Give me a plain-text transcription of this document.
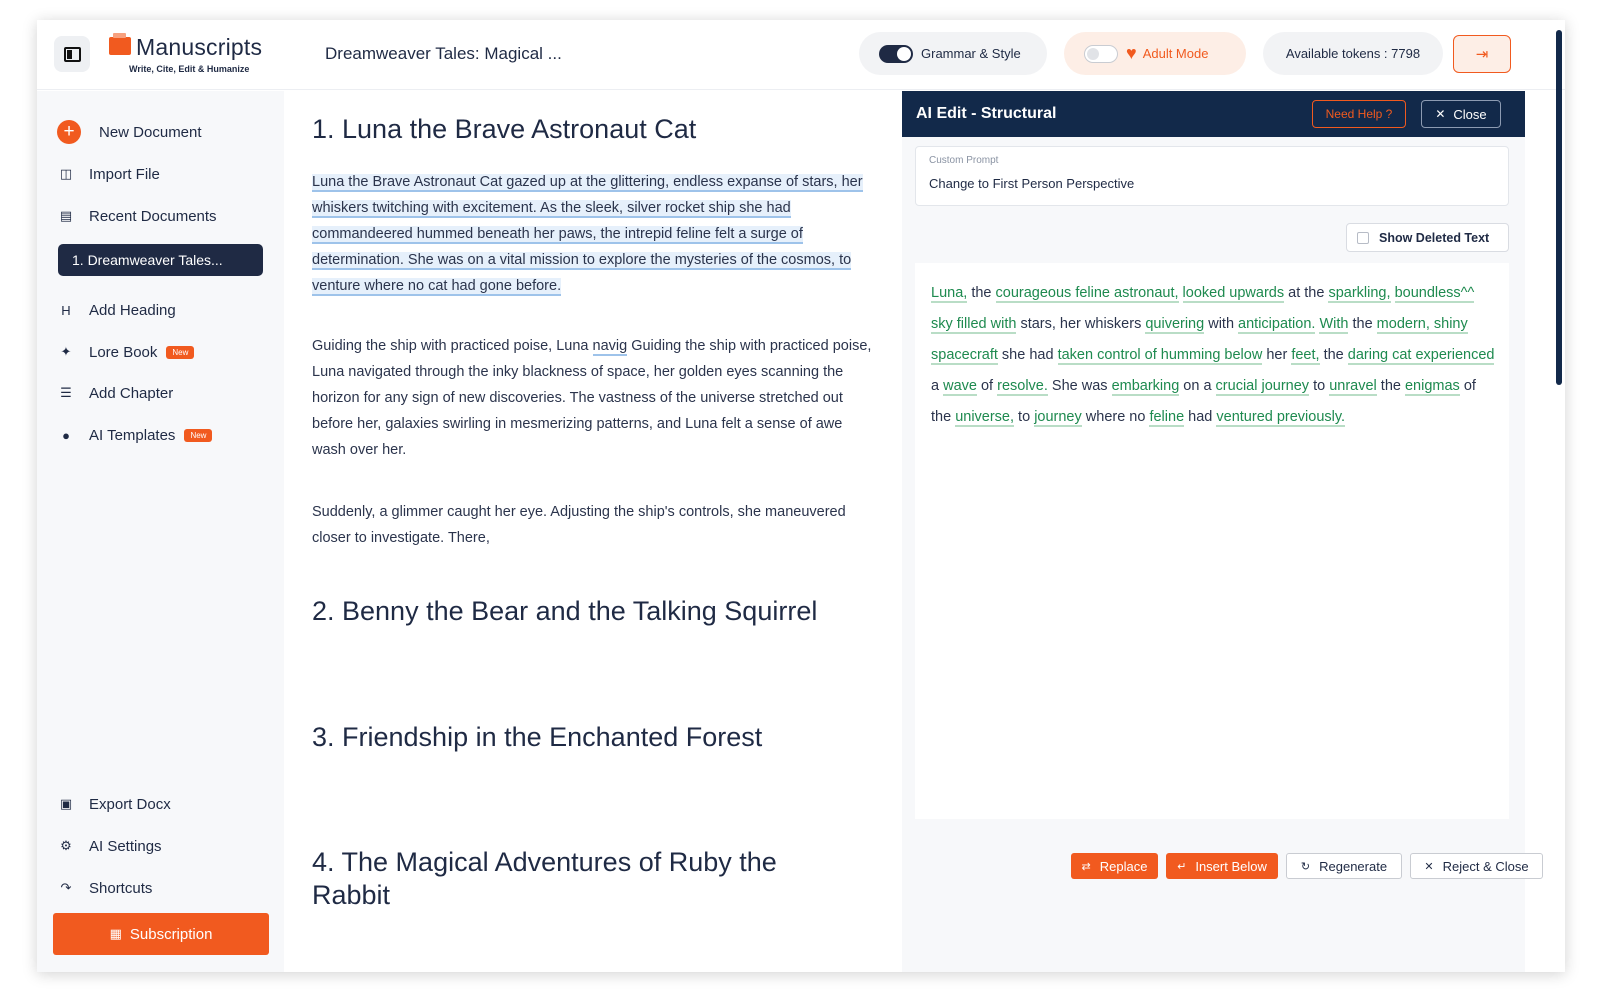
Manuscripts
Write, Cite, Edit & Humanize
Dreamweaver Tales: Magical ...	Grammar & Style	♥ Adult Mode	Available tokens : 7798	⇥
+	New Document
◫ Import File
▤ Recent Documents
1. Dreamweaver Tales...
H Add Heading
✦ Lore Book	New
☰ Add Chapter
●	AI Templates	New
▣ Export Docx
⚙ AI Settings
↷ Shortcuts
▦ Subscription
1. Luna the Brave Astronaut Cat
Luna the Brave Astronaut Cat gazed up at the glittering, endless expanse of stars, her whiskers twitching with excitement. As the sleek, silver rocket ship she had commandeered hummed beneath her paws, the intrepid feline felt a surge of determination. She was on a vital mission to explore the mysteries of the cosmos, to venture where no cat had gone before.
Guiding the ship with practiced poise, Luna navig Guiding the ship with practiced poise, Luna navigated through the inky blackness of space, her golden eyes scanning the horizon for any sign of new discoveries. The vastness of the universe stretched out before her, galaxies swirling in mesmerizing patterns, and Luna felt a sense of awe wash over her.
Suddenly, a glimmer caught her eye. Adjusting the ship's controls, she maneuvered closer to investigate. There,
2. Benny the Bear and the Talking Squirrel
3. Friendship in the Enchanted Forest
4. The Magical Adventures of Ruby the
Rabbit
AI Edit - Structural	Need Help ?	✕ Close
Custom Prompt
Change to First Person Perspective
Show Deleted Text
Luna, the courageous feline astronaut, looked upwards at the sparkling, boundless^^ sky filled with stars, her whiskers quivering with anticipation. With the modern, shiny spacecraft she had taken control of humming below her feet, the daring cat experienced a wave of resolve. She was embarking on a crucial journey to unravel the enigmas of the universe, to journey where no feline had ventured previously.
⇄ Replace	↵ Insert Below	↻ Regenerate	✕ Reject & Close
